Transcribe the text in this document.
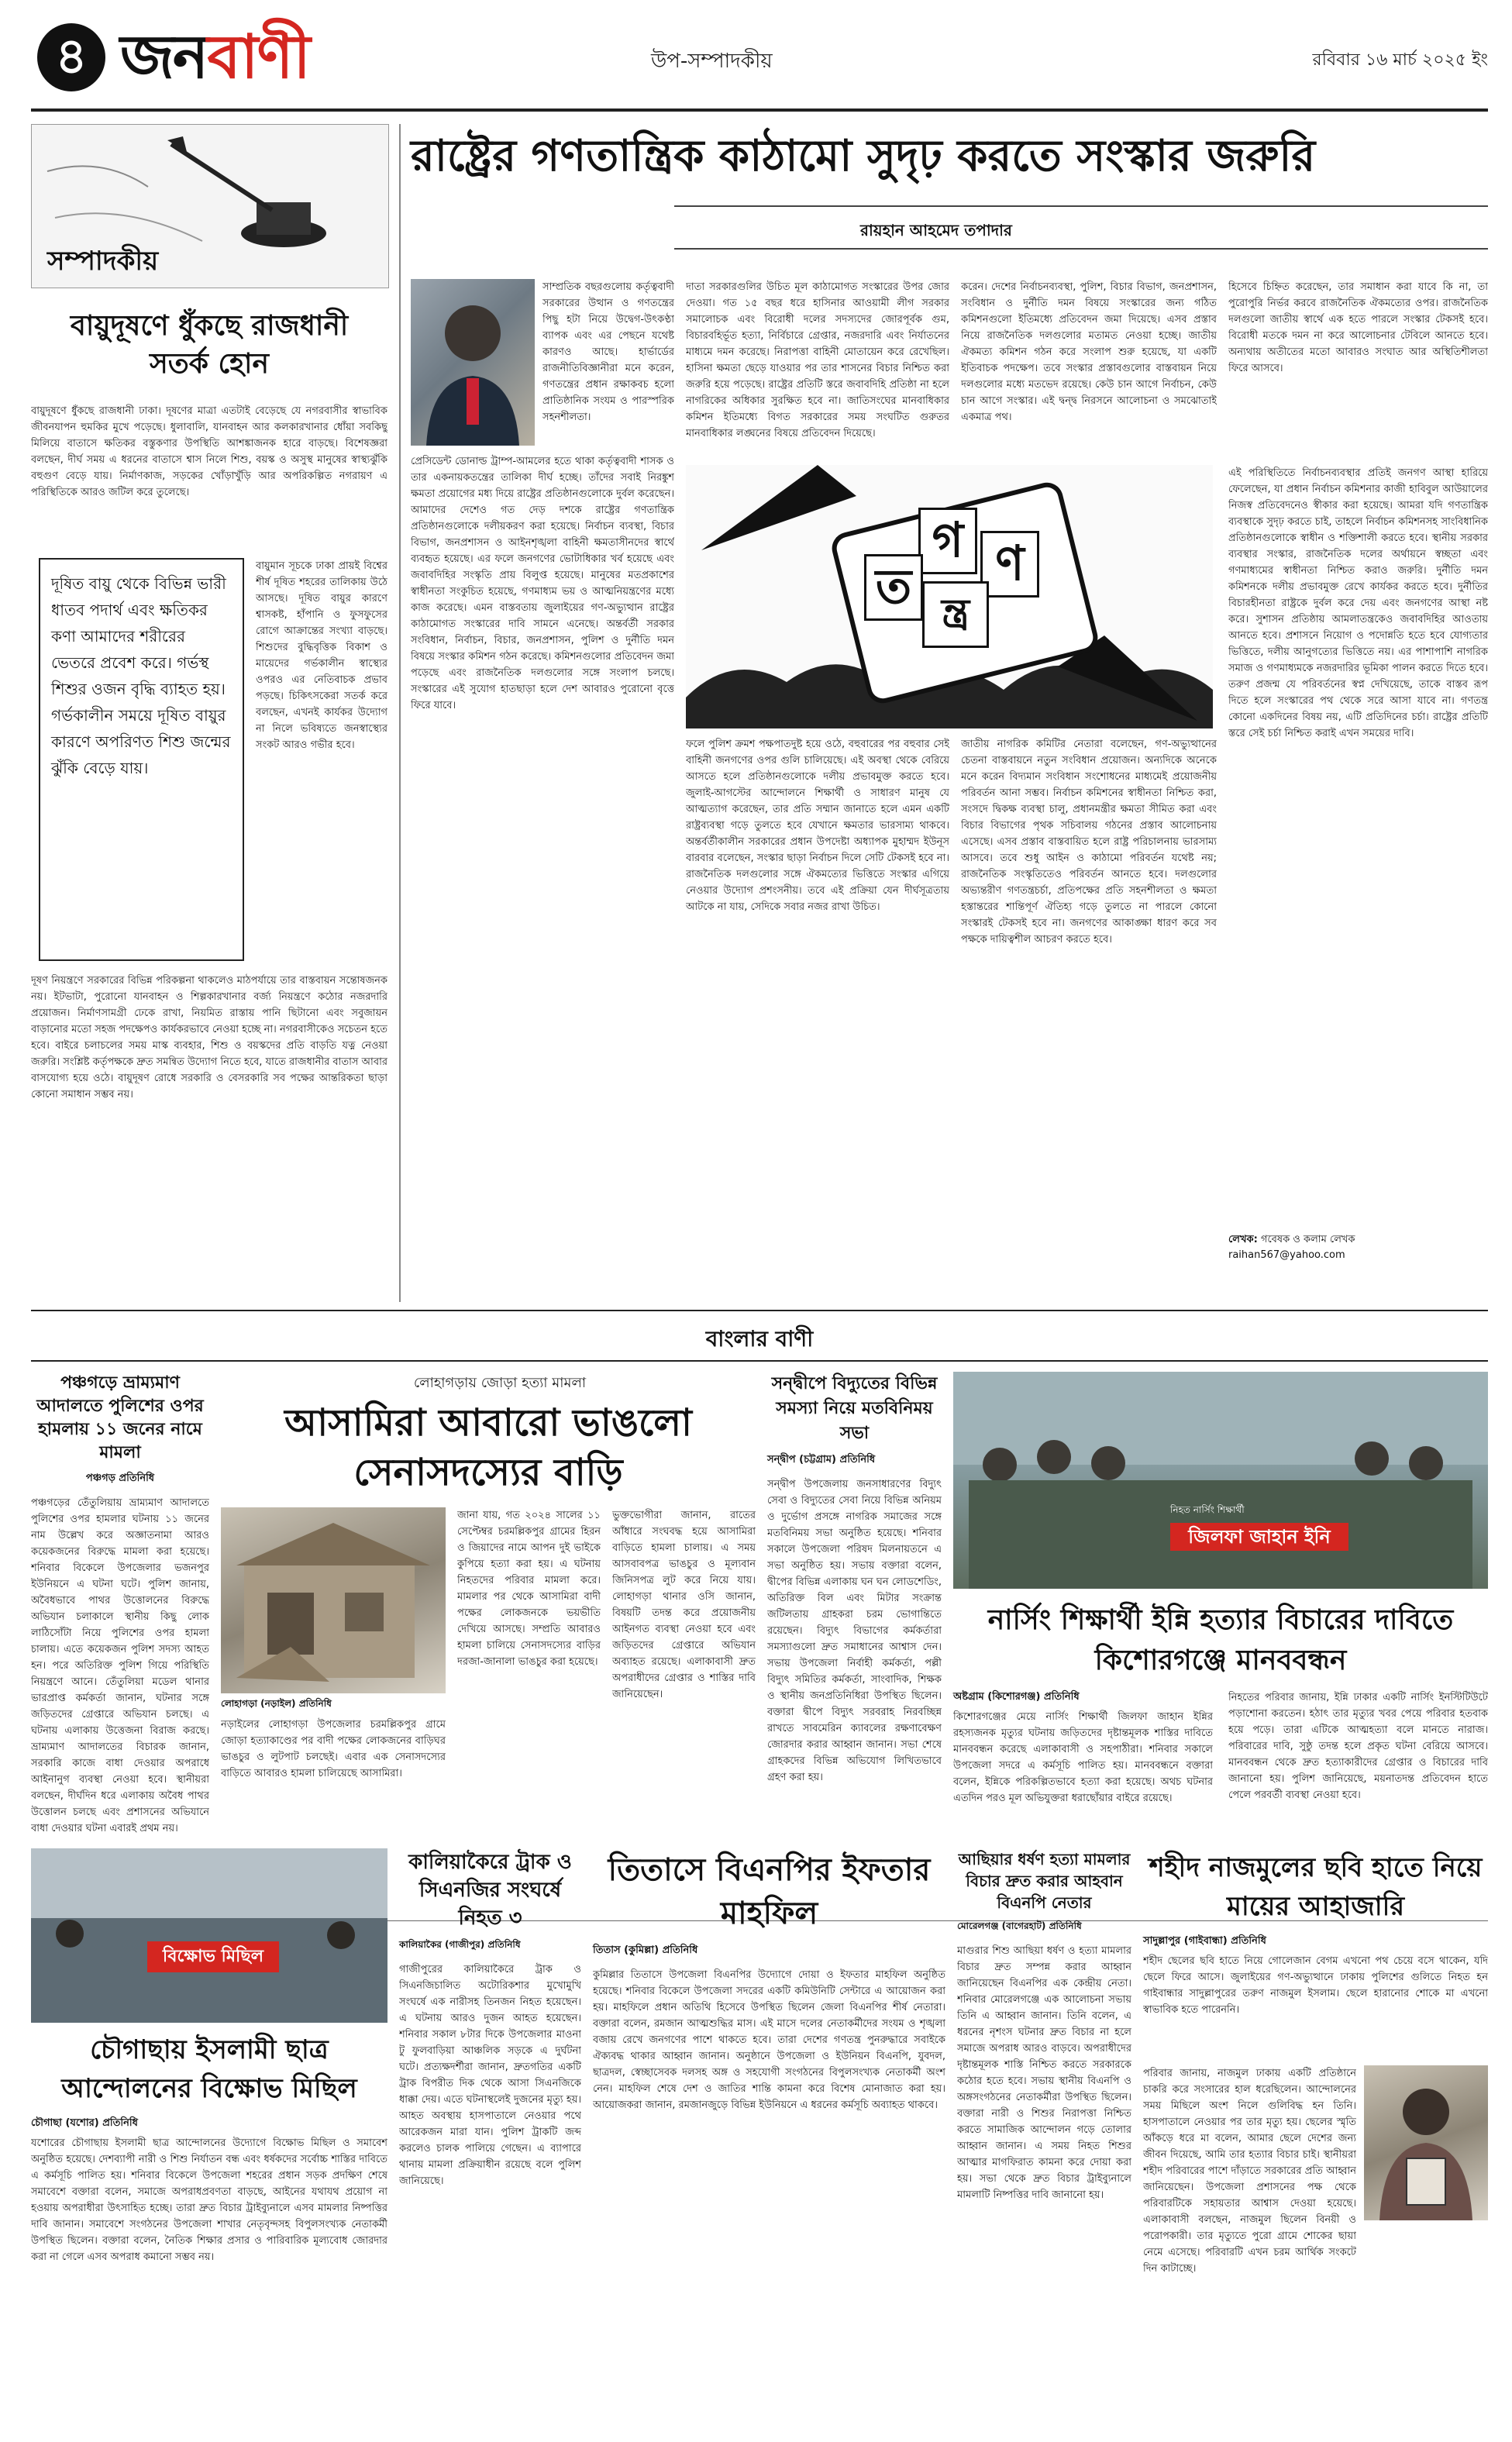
৪ জনবাণী	উপ-সম্পাদকীয়	রবিবার ১৬ মার্চ ২০২৫ ইং
সম্পাদকীয়
বায়ুদূষণে ধুঁকছে রাজধানী
সতর্ক হোন
বায়ুদূষণে ধুঁকছে রাজধানী ঢাকা। দূষণের মাত্রা এতটাই বেড়েছে যে নগরবাসীর স্বাভাবিক জীবনযাপন হুমকির মুখে পড়েছে। ধুলাবালি, যানবাহন আর কলকারখানার ধোঁয়া সবকিছু মিলিয়ে বাতাসে ক্ষতিকর বস্তুকণার উপস্থিতি আশঙ্কাজনক হারে বাড়ছে। বিশেষজ্ঞরা বলছেন, দীর্ঘ সময় এ ধরনের বাতাসে শ্বাস নিলে শিশু, বয়স্ক ও অসুস্থ মানুষের স্বাস্থ্যঝুঁকি বহুগুণ বেড়ে যায়। নির্মাণকাজ, সড়কের খোঁড়াখুঁড়ি আর অপরিকল্পিত নগরায়ণ এ পরিস্থিতিকে আরও জটিল করে তুলেছে।
দূষিত বায়ু থেকে বিভিন্ন ভারী ধাতব পদার্থ এবং ক্ষতিকর কণা আমাদের শরীরের ভেতরে প্রবেশ করে। গর্ভস্থ শিশুর ওজন বৃদ্ধি ব্যাহত হয়। গর্ভকালীন সময়ে দূষিত বায়ুর কারণে অপরিণত শিশু জন্মের ঝুঁকি বেড়ে যায়।
বায়ুমান সূচকে ঢাকা প্রায়ই বিশ্বের শীর্ষ দূষিত শহরের তালিকায় উঠে আসছে। দূষিত বায়ুর কারণে শ্বাসকষ্ট, হাঁপানি ও ফুসফুসের রোগে আক্রান্তের সংখ্যা বাড়ছে। শিশুদের বুদ্ধিবৃত্তিক বিকাশ ও মায়েদের গর্ভকালীন স্বাস্থ্যের ওপরও এর নেতিবাচক প্রভাব পড়ছে। চিকিৎসকেরা সতর্ক করে বলছেন, এখনই কার্যকর উদ্যোগ না নিলে ভবিষ্যতে জনস্বাস্থ্যের সংকট আরও গভীর হবে।
দূষণ নিয়ন্ত্রণে সরকারের বিভিন্ন পরিকল্পনা থাকলেও মাঠপর্যায়ে তার বাস্তবায়ন সন্তোষজনক নয়। ইটভাটা, পুরোনো যানবাহন ও শিল্পকারখানার বর্জ্য নিয়ন্ত্রণে কঠোর নজরদারি প্রয়োজন। নির্মাণসামগ্রী ঢেকে রাখা, নিয়মিত রাস্তায় পানি ছিটানো এবং সবুজায়ন বাড়ানোর মতো সহজ পদক্ষেপও কার্যকরভাবে নেওয়া হচ্ছে না। নগরবাসীকেও সচেতন হতে হবে। বাইরে চলাচলের সময় মাস্ক ব্যবহার, শিশু ও বয়স্কদের প্রতি বাড়তি যত্ন নেওয়া জরুরি। সংশ্লিষ্ট কর্তৃপক্ষকে দ্রুত সমন্বিত উদ্যোগ নিতে হবে, যাতে রাজধানীর বাতাস আবার বাসযোগ্য হয়ে ওঠে। বায়ুদূষণ রোধে সরকারি ও বেসরকারি সব পক্ষের আন্তরিকতা ছাড়া কোনো সমাধান সম্ভব নয়।
রাষ্ট্রের গণতান্ত্রিক কাঠামো সুদৃঢ় করতে সংস্কার জরুরি
রায়হান আহমেদ তপাদার
সাম্প্রতিক বছরগুলোয় কর্তৃত্ববাদী সরকারের উত্থান ও গণতন্ত্রের পিছু হটা নিয়ে উদ্বেগ-উৎকণ্ঠা ব্যাপক এবং এর পেছনে যথেষ্ট কারণও আছে। হার্ভার্ডের রাজনীতিবিজ্ঞানীরা মনে করেন, গণতন্ত্রের প্রধান রক্ষাকবচ হলো প্রাতিষ্ঠানিক সংযম ও পারস্পরিক সহনশীলতা।
প্রেসিডেন্ট ডোনাল্ড ট্রাম্প-আমলের হতে থাকা কর্তৃত্ববাদী শাসক ও তার একনায়কতন্ত্রের তালিকা দীর্ঘ হচ্ছে। তাঁদের সবাই নিরঙ্কুশ ক্ষমতা প্রয়োগের মধ্য দিয়ে রাষ্ট্রের প্রতিষ্ঠানগুলোকে দুর্বল করেছেন। আমাদের দেশেও গত দেড় দশকে রাষ্ট্রের গণতান্ত্রিক প্রতিষ্ঠানগুলোকে দলীয়করণ করা হয়েছে। নির্বাচন ব্যবস্থা, বিচার বিভাগ, জনপ্রশাসন ও আইনশৃঙ্খলা বাহিনী ক্ষমতাসীনদের স্বার্থে ব্যবহৃত হয়েছে। এর ফলে জনগণের ভোটাধিকার খর্ব হয়েছে এবং জবাবদিহির সংস্কৃতি প্রায় বিলুপ্ত হয়েছে। মানুষের মতপ্রকাশের স্বাধীনতা সংকুচিত হয়েছে, গণমাধ্যম ভয় ও আত্মনিয়ন্ত্রণের মধ্যে কাজ করেছে। এমন বাস্তবতায় জুলাইয়ের গণ-অভ্যুত্থান রাষ্ট্রের কাঠামোগত সংস্কারের দাবি সামনে এনেছে। অন্তর্বর্তী সরকার সংবিধান, নির্বাচন, বিচার, জনপ্রশাসন, পুলিশ ও দুর্নীতি দমন বিষয়ে সংস্কার কমিশন গঠন করেছে। কমিশনগুলোর প্রতিবেদন জমা পড়েছে এবং রাজনৈতিক দলগুলোর সঙ্গে সংলাপ চলছে। সংস্কারের এই সুযোগ হাতছাড়া হলে দেশ আবারও পুরোনো বৃত্তে ফিরে যাবে।
দাতা সরকারগুলির উচিত মূল কাঠামোগত সংস্কারের উপর জোর দেওয়া। গত ১৫ বছর ধরে হাসিনার আওয়ামী লীগ সরকার সমালোচক এবং বিরোধী দলের সদস্যদের জোরপূর্বক গুম, বিচারবহির্ভূত হত্যা, নির্বিচারে গ্রেপ্তার, নজরদারি এবং নির্যাতনের মাধ্যমে দমন করেছে। নিরাপত্তা বাহিনী মোতায়েন করে রেখেছিল। হাসিনা ক্ষমতা ছেড়ে যাওয়ার পর তার শাসনের বিচার নিশ্চিত করা জরুরি হয়ে পড়েছে। রাষ্ট্রের প্রতিটি স্তরে জবাবদিহি প্রতিষ্ঠা না হলে নাগরিকের অধিকার সুরক্ষিত হবে না। জাতিসংঘের মানবাধিকার কমিশন ইতিমধ্যে বিগত সরকারের সময় সংঘটিত গুরুতর মানবাধিকার লঙ্ঘনের বিষয়ে প্রতিবেদন দিয়েছে।
গ ণ
ত ন্ত্র
ফলে পুলিশ ক্রমশ পক্ষপাতদুষ্ট হয়ে ওঠে, বহুবারের পর বহুবার সেই বাহিনী জনগণের ওপর গুলি চালিয়েছে। এই অবস্থা থেকে বেরিয়ে আসতে হলে প্রতিষ্ঠানগুলোকে দলীয় প্রভাবমুক্ত করতে হবে। জুলাই-আগস্টের আন্দোলনে শিক্ষার্থী ও সাধারণ মানুষ যে আত্মত্যাগ করেছেন, তার প্রতি সম্মান জানাতে হলে এমন একটি রাষ্ট্রব্যবস্থা গড়ে তুলতে হবে যেখানে ক্ষমতার ভারসাম্য থাকবে। অন্তর্বর্তীকালীন সরকারের প্রধান উপদেষ্টা অধ্যাপক মুহাম্মদ ইউনূস বারবার বলেছেন, সংস্কার ছাড়া নির্বাচন দিলে সেটি টেকসই হবে না। রাজনৈতিক দলগুলোর সঙ্গে ঐকমত্যের ভিত্তিতে সংস্কার এগিয়ে নেওয়ার উদ্যোগ প্রশংসনীয়। তবে এই প্রক্রিয়া যেন দীর্ঘসূত্রতায় আটকে না যায়, সেদিকে সবার নজর রাখা উচিত।
করেন। দেশের নির্বাচনব্যবস্থা, পুলিশ, বিচার বিভাগ, জনপ্রশাসন, সংবিধান ও দুর্নীতি দমন বিষয়ে সংস্কারের জন্য গঠিত কমিশনগুলো ইতিমধ্যে প্রতিবেদন জমা দিয়েছে। এসব প্রস্তাব নিয়ে রাজনৈতিক দলগুলোর মতামত নেওয়া হচ্ছে। জাতীয় ঐকমত্য কমিশন গঠন করে সংলাপ শুরু হয়েছে, যা একটি ইতিবাচক পদক্ষেপ। তবে সংস্কার প্রস্তাবগুলোর বাস্তবায়ন নিয়ে দলগুলোর মধ্যে মতভেদ রয়েছে। কেউ চান আগে নির্বাচন, কেউ চান আগে সংস্কার। এই দ্বন্দ্ব নিরসনে আলোচনা ও সমঝোতাই একমাত্র পথ।
জাতীয় নাগরিক কমিটির নেতারা বলেছেন, গণ-অভ্যুত্থানের চেতনা বাস্তবায়নে নতুন সংবিধান প্রয়োজন। অন্যদিকে অনেকে মনে করেন বিদ্যমান সংবিধান সংশোধনের মাধ্যমেই প্রয়োজনীয় পরিবর্তন আনা সম্ভব। নির্বাচন কমিশনের স্বাধীনতা নিশ্চিত করা, সংসদে দ্বিকক্ষ ব্যবস্থা চালু, প্রধানমন্ত্রীর ক্ষমতা সীমিত করা এবং বিচার বিভাগের পৃথক সচিবালয় গঠনের প্রস্তাব আলোচনায় এসেছে। এসব প্রস্তাব বাস্তবায়িত হলে রাষ্ট্র পরিচালনায় ভারসাম্য আসবে। তবে শুধু আইন ও কাঠামো পরিবর্তন যথেষ্ট নয়; রাজনৈতিক সংস্কৃতিতেও পরিবর্তন আনতে হবে। দলগুলোর অভ্যন্তরীণ গণতন্ত্রচর্চা, প্রতিপক্ষের প্রতি সহনশীলতা ও ক্ষমতা হস্তান্তরের শান্তিপূর্ণ ঐতিহ্য গড়ে তুলতে না পারলে কোনো সংস্কারই টেকসই হবে না। জনগণের আকাঙ্ক্ষা ধারণ করে সব পক্ষকে দায়িত্বশীল আচরণ করতে হবে।
হিসেবে চিহ্নিত করেছেন, তার সমাধান করা যাবে কি না, তা পুরোপুরি নির্ভর করবে রাজনৈতিক ঐকমত্যের ওপর। রাজনৈতিক দলগুলো জাতীয় স্বার্থে এক হতে পারলে সংস্কার টেকসই হবে। বিরোধী মতকে দমন না করে আলোচনার টেবিলে আনতে হবে। অন্যথায় অতীতের মতো আবারও সংঘাত আর অস্থিতিশীলতা ফিরে আসবে।
এই পরিস্থিতিতে নির্বাচনব্যবস্থার প্রতিই জনগণ আস্থা হারিয়ে ফেলেছেন, যা প্রধান নির্বাচন কমিশনার কাজী হাবিবুল আউয়ালের নিজস্ব প্রতিবেদনেও স্বীকার করা হয়েছে। আমরা যদি গণতান্ত্রিক ব্যবস্থাকে সুদৃঢ় করতে চাই, তাহলে নির্বাচন কমিশনসহ সাংবিধানিক প্রতিষ্ঠানগুলোকে স্বাধীন ও শক্তিশালী করতে হবে। স্থানীয় সরকার ব্যবস্থার সংস্কার, রাজনৈতিক দলের অর্থায়নে স্বচ্ছতা এবং গণমাধ্যমের স্বাধীনতা নিশ্চিত করাও জরুরি। দুর্নীতি দমন কমিশনকে দলীয় প্রভাবমুক্ত রেখে কার্যকর করতে হবে। দুর্নীতির বিচারহীনতা রাষ্ট্রকে দুর্বল করে দেয় এবং জনগণের আস্থা নষ্ট করে। সুশাসন প্রতিষ্ঠায় আমলাতন্ত্রকেও জবাবদিহির আওতায় আনতে হবে। প্রশাসনে নিয়োগ ও পদোন্নতি হতে হবে যোগ্যতার ভিত্তিতে, দলীয় আনুগত্যের ভিত্তিতে নয়। এর পাশাপাশি নাগরিক সমাজ ও গণমাধ্যমকে নজরদারির ভূমিকা পালন করতে দিতে হবে। তরুণ প্রজন্ম যে পরিবর্তনের স্বপ্ন দেখিয়েছে, তাকে বাস্তব রূপ দিতে হলে সংস্কারের পথ থেকে সরে আসা যাবে না। গণতন্ত্র কোনো একদিনের বিষয় নয়, এটি প্রতিদিনের চর্চা। রাষ্ট্রের প্রতিটি স্তরে সেই চর্চা নিশ্চিত করাই এখন সময়ের দাবি।
লেখক: গবেষক ও কলাম লেখক
raihan567@yahoo.com
বাংলার বাণী
পঞ্চগড়ে ভ্রাম্যমাণ আদালতে পুলিশের ওপর হামলায় ১১ জনের নামে মামলা
পঞ্চগড় প্রতিনিধি
পঞ্চগড়ের তেঁতুলিয়ায় ভ্রাম্যমাণ আদালতে পুলিশের ওপর হামলার ঘটনায় ১১ জনের নাম উল্লেখ করে অজ্ঞাতনামা আরও কয়েকজনের বিরুদ্ধে মামলা করা হয়েছে। শনিবার বিকেলে উপজেলার ভজনপুর ইউনিয়নে এ ঘটনা ঘটে। পুলিশ জানায়, অবৈধভাবে পাথর উত্তোলনের বিরুদ্ধে অভিযান চলাকালে স্থানীয় কিছু লোক লাঠিসোঁটা নিয়ে পুলিশের ওপর হামলা চালায়। এতে কয়েকজন পুলিশ সদস্য আহত হন। পরে অতিরিক্ত পুলিশ গিয়ে পরিস্থিতি নিয়ন্ত্রণে আনে। তেঁতুলিয়া মডেল থানার ভারপ্রাপ্ত কর্মকর্তা জানান, ঘটনার সঙ্গে জড়িতদের গ্রেপ্তারে অভিযান চলছে। এ ঘটনায় এলাকায় উত্তেজনা বিরাজ করছে। ভ্রাম্যমাণ আদালতের বিচারক জানান, সরকারি কাজে বাধা দেওয়ার অপরাধে আইনানুগ ব্যবস্থা নেওয়া হবে। স্থানীয়রা বলছেন, দীর্ঘদিন ধরে এলাকায় অবৈধ পাথর উত্তোলন চলছে এবং প্রশাসনের অভিযানে বাধা দেওয়ার ঘটনা এবারই প্রথম নয়।
লোহাগড়ায় জোড়া হত্যা মামলা
আসামিরা আবারো ভাঙলো সেনাসদস্যের বাড়ি
লোহাগড়া (নড়াইল) প্রতিনিধি
নড়াইলের লোহাগড়া উপজেলার চরমল্লিকপুর গ্রামে জোড়া হত্যাকাণ্ডের পর বাদী পক্ষের লোকজনের বাড়িঘর ভাঙচুর ও লুটপাট চলছেই। এবার এক সেনাসদস্যের বাড়িতে আবারও হামলা চালিয়েছে আসামিরা।
জানা যায়, গত ২০২৪ সালের ১১ সেপ্টেম্বর চরমল্লিকপুর গ্রামের হিরন ও জিয়াদের নামে আপন দুই ভাইকে কুপিয়ে হত্যা করা হয়। এ ঘটনায় নিহতদের পরিবার মামলা করে। মামলার পর থেকে আসামিরা বাদী পক্ষের লোকজনকে ভয়ভীতি দেখিয়ে আসছে। সম্প্রতি আবারও হামলা চালিয়ে সেনাসদস্যের বাড়ির দরজা-জানালা ভাঙচুর করা হয়েছে।
ভুক্তভোগীরা জানান, রাতের আঁধারে সংঘবদ্ধ হয়ে আসামিরা বাড়িতে হামলা চালায়। এ সময় আসবাবপত্র ভাঙচুর ও মূল্যবান জিনিসপত্র লুট করে নিয়ে যায়। লোহাগড়া থানার ওসি জানান, বিষয়টি তদন্ত করে প্রয়োজনীয় আইনগত ব্যবস্থা নেওয়া হবে এবং জড়িতদের গ্রেপ্তারে অভিযান অব্যাহত রয়েছে। এলাকাবাসী দ্রুত অপরাধীদের গ্রেপ্তার ও শাস্তির দাবি জানিয়েছেন।
সন্দ্বীপে বিদ্যুতের বিভিন্ন সমস্যা নিয়ে মতবিনিময় সভা
সন্দ্বীপ (চট্টগ্রাম) প্রতিনিধি
সন্দ্বীপ উপজেলায় জনসাধারণের বিদ্যুৎ সেবা ও বিদ্যুতের সেবা নিয়ে বিভিন্ন অনিয়ম ও দুর্ভোগ প্রসঙ্গে নাগরিক সমাজের সঙ্গে মতবিনিময় সভা অনুষ্ঠিত হয়েছে। শনিবার সকালে উপজেলা পরিষদ মিলনায়তনে এ সভা অনুষ্ঠিত হয়। সভায় বক্তারা বলেন, দ্বীপের বিভিন্ন এলাকায় ঘন ঘন লোডশেডিং, অতিরিক্ত বিল এবং মিটার সংক্রান্ত জটিলতায় গ্রাহকরা চরম ভোগান্তিতে রয়েছেন। বিদ্যুৎ বিভাগের কর্মকর্তারা সমস্যাগুলো দ্রুত সমাধানের আশ্বাস দেন। সভায় উপজেলা নির্বাহী কর্মকর্তা, পল্লী বিদ্যুৎ সমিতির কর্মকর্তা, সাংবাদিক, শিক্ষক ও স্থানীয় জনপ্রতিনিধিরা উপস্থিত ছিলেন। বক্তারা দ্বীপে বিদ্যুৎ সরবরাহ নিরবচ্ছিন্ন রাখতে সাবমেরিন ক্যাবলের রক্ষণাবেক্ষণ জোরদার করার আহ্বান জানান। সভা শেষে গ্রাহকদের বিভিন্ন অভিযোগ লিখিতভাবে গ্রহণ করা হয়।
নিহত নার্সিং শিক্ষার্থী
জিলফা জাহান ইনি
নার্সিং শিক্ষার্থী ইন্নি হত্যার বিচারের দাবিতে কিশোরগঞ্জে মানববন্ধন
অষ্টগ্রাম (কিশোরগঞ্জ) প্রতিনিধি
কিশোরগঞ্জের মেয়ে নার্সিং শিক্ষার্থী জিলফা জাহান ইন্নির রহস্যজনক মৃত্যুর ঘটনায় জড়িতদের দৃষ্টান্তমূলক শাস্তির দাবিতে মানববন্ধন করেছে এলাকাবাসী ও সহপাঠীরা। শনিবার সকালে উপজেলা সদরে এ কর্মসূচি পালিত হয়। মানববন্ধনে বক্তারা বলেন, ইন্নিকে পরিকল্পিতভাবে হত্যা করা হয়েছে। অথচ ঘটনার এতদিন পরও মূল অভিযুক্তরা ধরাছোঁয়ার বাইরে রয়েছে।
নিহতের পরিবার জানায়, ইন্নি ঢাকার একটি নার্সিং ইনস্টিটিউটে পড়াশোনা করতেন। হঠাৎ তার মৃত্যুর খবর পেয়ে পরিবার হতবাক হয়ে পড়ে। তারা এটিকে আত্মহত্যা বলে মানতে নারাজ। পরিবারের দাবি, সুষ্ঠু তদন্ত হলে প্রকৃত ঘটনা বেরিয়ে আসবে। মানববন্ধন থেকে দ্রুত হত্যাকারীদের গ্রেপ্তার ও বিচারের দাবি জানানো হয়। পুলিশ জানিয়েছে, ময়নাতদন্ত প্রতিবেদন হাতে পেলে পরবর্তী ব্যবস্থা নেওয়া হবে।
বিক্ষোভ মিছিল
চৌগাছায় ইসলামী ছাত্র আন্দোলনের বিক্ষোভ মিছিল
চৌগাছা (যশোর) প্রতিনিধি
যশোরের চৌগাছায় ইসলামী ছাত্র আন্দোলনের উদ্যোগে বিক্ষোভ মিছিল ও সমাবেশ অনুষ্ঠিত হয়েছে। দেশব্যাপী নারী ও শিশু নির্যাতন বন্ধ এবং ধর্ষকদের সর্বোচ্চ শাস্তির দাবিতে এ কর্মসূচি পালিত হয়। শনিবার বিকেলে উপজেলা শহরের প্রধান সড়ক প্রদক্ষিণ শেষে সমাবেশে বক্তারা বলেন, সমাজে অপরাধপ্রবণতা বাড়ছে, আইনের যথাযথ প্রয়োগ না হওয়ায় অপরাধীরা উৎসাহিত হচ্ছে। তারা দ্রুত বিচার ট্রাইব্যুনালে এসব মামলার নিষ্পত্তির দাবি জানান। সমাবেশে সংগঠনের উপজেলা শাখার নেতৃবৃন্দসহ বিপুলসংখ্যক নেতাকর্মী উপস্থিত ছিলেন। বক্তারা বলেন, নৈতিক শিক্ষার প্রসার ও পারিবারিক মূল্যবোধ জোরদার করা না গেলে এসব অপরাধ কমানো সম্ভব নয়।
কালিয়াকৈরে ট্রাক ও সিএনজির সংঘর্ষে নিহত ৩
কালিয়াকৈর (গাজীপুর) প্রতিনিধি
গাজীপুরের কালিয়াকৈরে ট্রাক ও সিএনজিচালিত অটোরিকশার মুখোমুখি সংঘর্ষে এক নারীসহ তিনজন নিহত হয়েছেন। এ ঘটনায় আরও দুজন আহত হয়েছেন। শনিবার সকাল ৮টার দিকে উপজেলার মাওনা টু ফুলবাড়িয়া আঞ্চলিক সড়কে এ দুর্ঘটনা ঘটে। প্রত্যক্ষদর্শীরা জানান, দ্রুতগতির একটি ট্রাক বিপরীত দিক থেকে আসা সিএনজিকে ধাক্কা দেয়। এতে ঘটনাস্থলেই দুজনের মৃত্যু হয়। আহত অবস্থায় হাসপাতালে নেওয়ার পথে আরেকজন মারা যান। পুলিশ ট্রাকটি জব্দ করলেও চালক পালিয়ে গেছেন। এ ব্যাপারে থানায় মামলা প্রক্রিয়াধীন রয়েছে বলে পুলিশ জানিয়েছে।
তিতাসে বিএনপির ইফতার মাহফিল
তিতাস (কুমিল্লা) প্রতিনিধি
কুমিল্লার তিতাসে উপজেলা বিএনপির উদ্যোগে দোয়া ও ইফতার মাহফিল অনুষ্ঠিত হয়েছে। শনিবার বিকেলে উপজেলা সদরের একটি কমিউনিটি সেন্টারে এ আয়োজন করা হয়। মাহফিলে প্রধান অতিথি হিসেবে উপস্থিত ছিলেন জেলা বিএনপির শীর্ষ নেতারা। বক্তারা বলেন, রমজান আত্মশুদ্ধির মাস। এই মাসে দলের নেতাকর্মীদের সংযম ও শৃঙ্খলা বজায় রেখে জনগণের পাশে থাকতে হবে। তারা দেশের গণতন্ত্র পুনরুদ্ধারে সবাইকে ঐক্যবদ্ধ থাকার আহ্বান জানান। অনুষ্ঠানে উপজেলা ও ইউনিয়ন বিএনপি, যুবদল, ছাত্রদল, স্বেচ্ছাসেবক দলসহ অঙ্গ ও সহযোগী সংগঠনের বিপুলসংখ্যক নেতাকর্মী অংশ নেন। মাহফিল শেষে দেশ ও জাতির শান্তি কামনা করে বিশেষ মোনাজাত করা হয়। আয়োজকরা জানান, রমজানজুড়ে বিভিন্ন ইউনিয়নে এ ধরনের কর্মসূচি অব্যাহত থাকবে।
আছিয়ার ধর্ষণ হত্যা মামলার বিচার দ্রুত করার আহবান বিএনপি নেতার
মোরেলগঞ্জ (বাগেরহাট) প্রতিনিধি
মাগুরার শিশু আছিয়া ধর্ষণ ও হত্যা মামলার বিচার দ্রুত সম্পন্ন করার আহ্বান জানিয়েছেন বিএনপির এক কেন্দ্রীয় নেতা। শনিবার মোরেলগঞ্জে এক আলোচনা সভায় তিনি এ আহ্বান জানান। তিনি বলেন, এ ধরনের নৃশংস ঘটনার দ্রুত বিচার না হলে সমাজে অপরাধ আরও বাড়বে। অপরাধীদের দৃষ্টান্তমূলক শাস্তি নিশ্চিত করতে সরকারকে কঠোর হতে হবে। সভায় স্থানীয় বিএনপি ও অঙ্গসংগঠনের নেতাকর্মীরা উপস্থিত ছিলেন। বক্তারা নারী ও শিশুর নিরাপত্তা নিশ্চিত করতে সামাজিক আন্দোলন গড়ে তোলার আহ্বান জানান। এ সময় নিহত শিশুর আত্মার মাগফিরাত কামনা করে দোয়া করা হয়। সভা থেকে দ্রুত বিচার ট্রাইব্যুনালে মামলাটি নিষ্পত্তির দাবি জানানো হয়।
শহীদ নাজমুলের ছবি হাতে নিয়ে মায়ের আহাজারি
সাদুল্লাপুর (গাইবান্ধা) প্রতিনিধি
শহীদ ছেলের ছবি হাতে নিয়ে গোলেজান বেগম এখনো পথ চেয়ে বসে থাকেন, যদি ছেলে ফিরে আসে। জুলাইয়ের গণ-অভ্যুত্থানে ঢাকায় পুলিশের গুলিতে নিহত হন গাইবান্ধার সাদুল্লাপুরের তরুণ নাজমুল ইসলাম। ছেলে হারানোর শোকে মা এখনো স্বাভাবিক হতে পারেননি।
পরিবার জানায়, নাজমুল ঢাকায় একটি প্রতিষ্ঠানে চাকরি করে সংসারের হাল ধরেছিলেন। আন্দোলনের সময় মিছিলে অংশ নিলে গুলিবিদ্ধ হন তিনি। হাসপাতালে নেওয়ার পর তার মৃত্যু হয়। ছেলের স্মৃতি আঁকড়ে ধরে মা বলেন, আমার ছেলে দেশের জন্য জীবন দিয়েছে, আমি তার হত্যার বিচার চাই। স্থানীয়রা শহীদ পরিবারের পাশে দাঁড়াতে সরকারের প্রতি আহ্বান জানিয়েছেন। উপজেলা প্রশাসনের পক্ষ থেকে পরিবারটিকে সহায়তার আশ্বাস দেওয়া হয়েছে। এলাকাবাসী বলছেন, নাজমুল ছিলেন বিনয়ী ও পরোপকারী। তার মৃত্যুতে পুরো গ্রামে শোকের ছায়া নেমে এসেছে। পরিবারটি এখন চরম আর্থিক সংকটে দিন কাটাচ্ছে।
